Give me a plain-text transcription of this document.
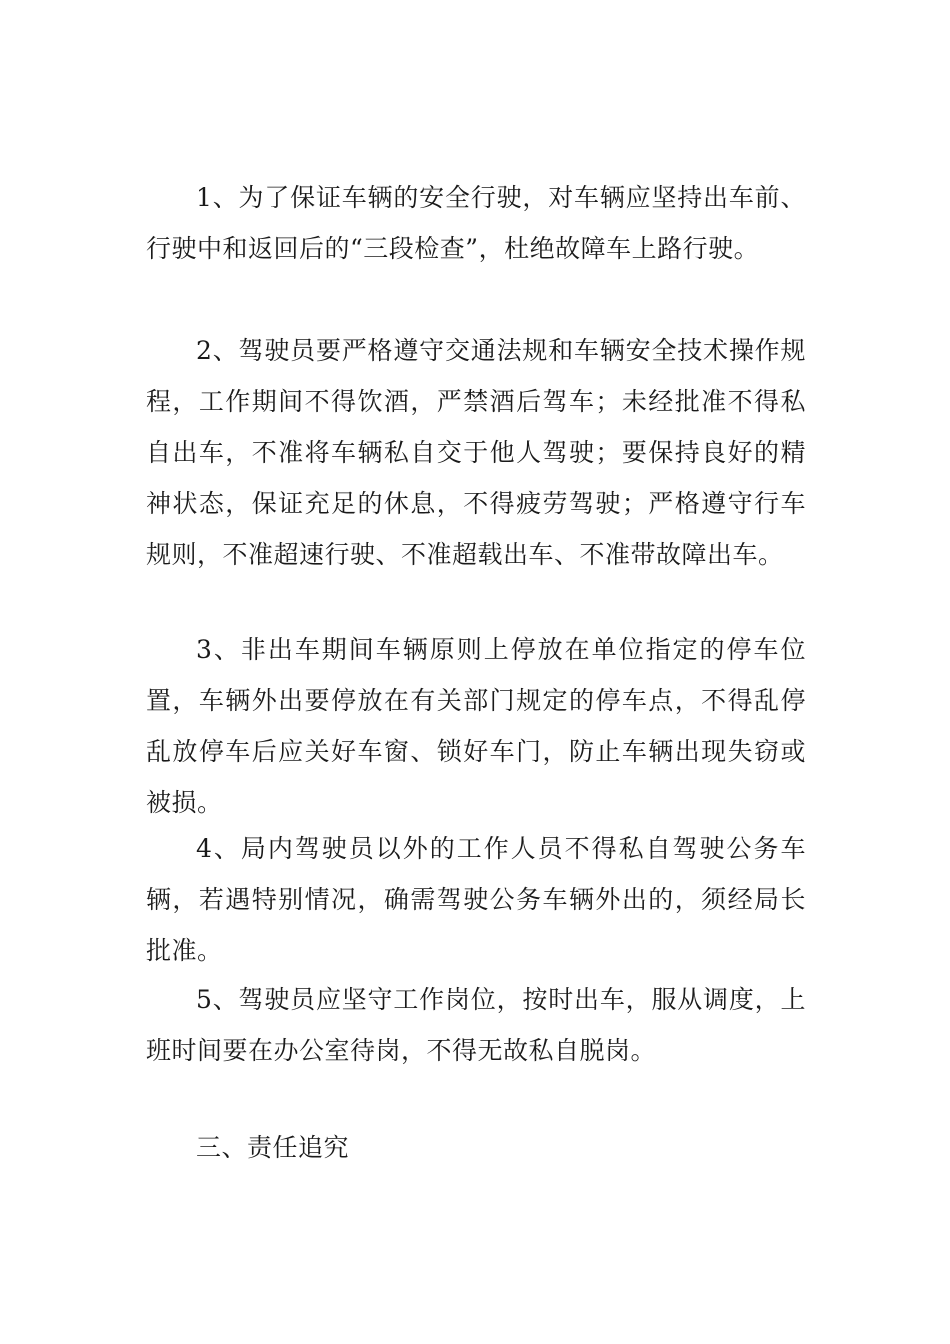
1、为了保证车辆的安全行驶，对车辆应坚持出车前、行驶中和返回后的“三段检查”，杜绝故障车上路行驶。

2、驾驶员要严格遵守交通法规和车辆安全技术操作规程，工作期间不得饮酒，严禁酒后驾车；未经批准不得私自出车，不准将车辆私自交于他人驾驶；要保持良好的精神状态，保证充足的休息，不得疲劳驾驶；严格遵守行车规则，不准超速行驶、不准超载出车、不准带故障出车。

3、非出车期间车辆原则上停放在单位指定的停车位置，车辆外出要停放在有关部门规定的停车点，不得乱停乱放停车后应关好车窗、锁好车门，防止车辆出现失窃或被损。

4、局内驾驶员以外的工作人员不得私自驾驶公务车辆，若遇特别情况，确需驾驶公务车辆外出的，须经局长批准。

5、驾驶员应坚守工作岗位，按时出车，服从调度，上班时间要在办公室待岗，不得无故私自脱岗。

三、责任追究
